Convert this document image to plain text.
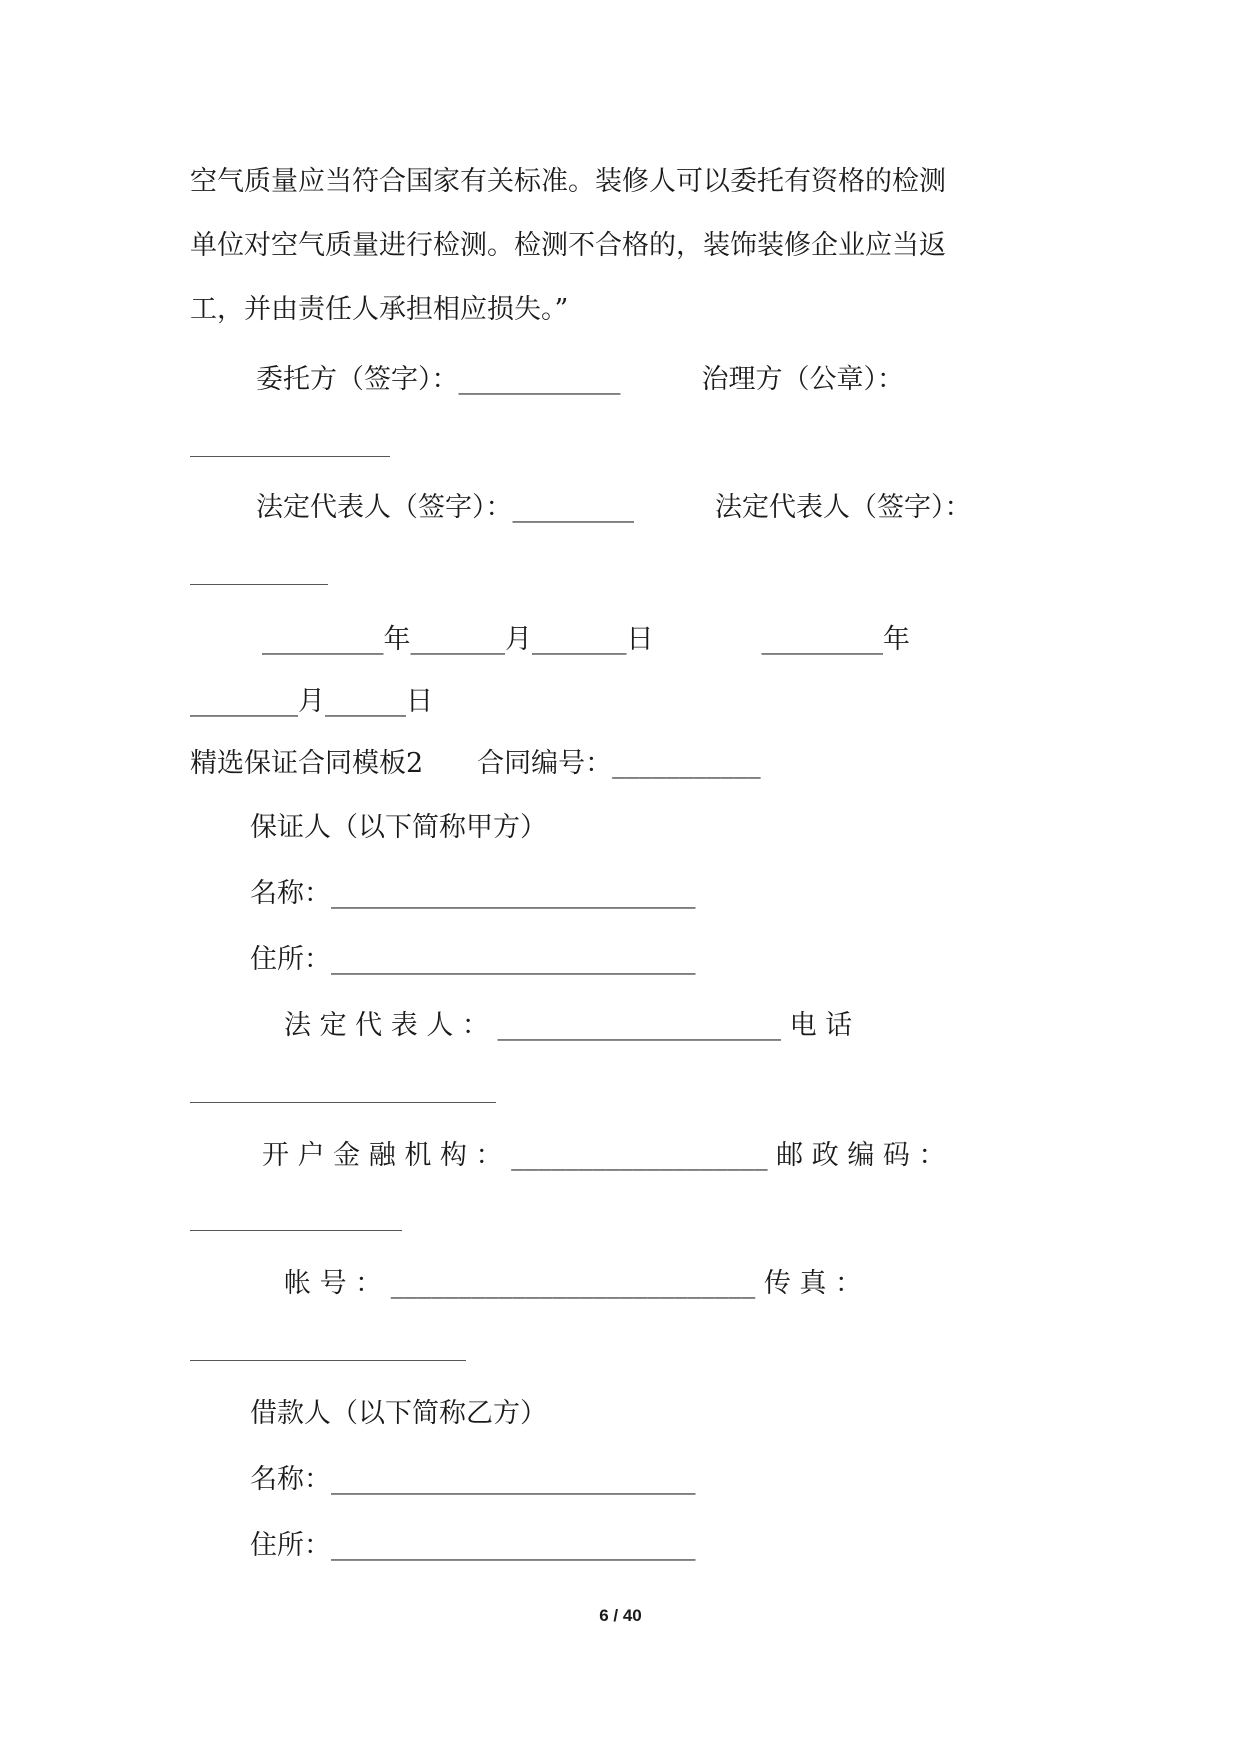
空气质量应当符合国家有关标准。装修人可以委托有资格的检测

单位对空气质量进行检测。检测不合格的，装饰装修企业应当返

工，并由责任人承担相应损失。”

委托方（签字）：____________　　　治理方（公章）：

法定代表人（签字）：_________　　　法定代表人（签字）：

_________年_______月_______日　　　　_________年

________月______日

精选保证合同模板2　　合同编号：___________

保证人（以下简称甲方）

名称：___________________________

住所：___________________________

法 定 代 表 人 ： _____________________ 电 话

开 户 金 融 机 构 ： ___________________ 邮 政 编 码 ：

帐 号 ： ___________________________ 传 真 ：

借款人（以下简称乙方）

名称：___________________________

住所：___________________________

6 / 40
